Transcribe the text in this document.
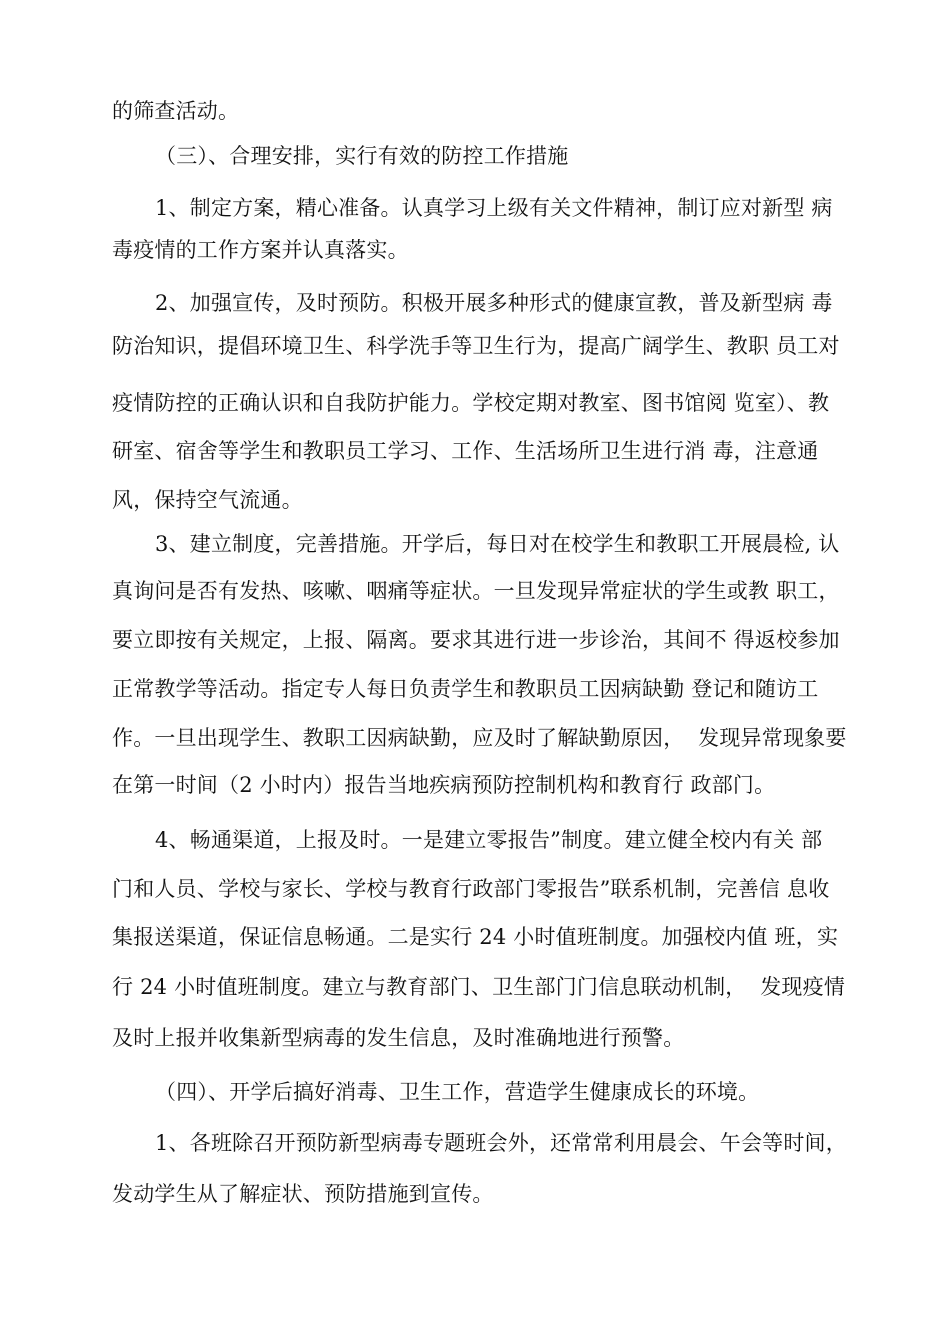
的筛查活动。
（三）、合理安排，实行有效的防控工作措施
1、制定方案，精心准备。认真学习上级有关文件精神，制订应对新型 病
毒疫情的工作方案并认真落实。
2、加强宣传，及时预防。积极开展多种形式的健康宣教，普及新型病 毒
防治知识，提倡环境卫生、科学洗手等卫生行为，提高广阔学生、教职 员工对
疫情防控的正确认识和自我防护能力。学校定期对教室、图书馆阅 览室）、教
研室、宿舍等学生和教职员工学习、工作、生活场所卫生进行消 毒，注意通
风，保持空气流通。
3、建立制度，完善措施。开学后，每日对在校学生和教职工开展晨检, 认
真询问是否有发热、咳嗽、咽痛等症状。一旦发现异常症状的学生或教 职工，
要立即按有关规定，上报、隔离。要求其进行进一步诊治，其间不 得返校参加
正常教学等活动。指定专人每日负责学生和教职员工因病缺勤 登记和随访工
作。一旦出现学生、教职工因病缺勤，应及时了解缺勤原因，  发现异常现象要
在第一时间（2 小时内）报告当地疾病预防控制机构和教育行 政部门。
4、畅通渠道，上报及时。一是建立零报告”制度。建立健全校内有关 部
门和人员、学校与家长、学校与教育行政部门零报告”联系机制，完善信 息收
集报送渠道，保证信息畅通。二是实行 24 小时值班制度。加强校内值 班，实
行 24 小时值班制度。建立与教育部门、卫生部门门信息联动机制，  发现疫情
及时上报并收集新型病毒的发生信息，及时准确地进行预警。
（四）、开学后搞好消毒、卫生工作，营造学生健康成长的环境。
1、各班除召开预防新型病毒专题班会外，还常常利用晨会、午会等时间，
发动学生从了解症状、预防措施到宣传。
